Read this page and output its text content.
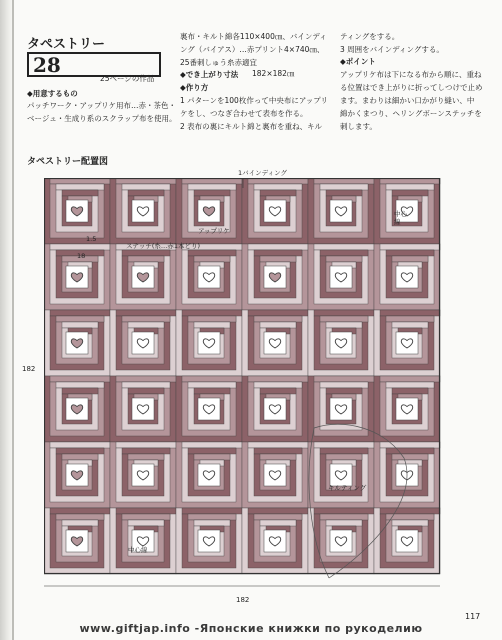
タペストリー
28
25ページの作品
◆用意するもの
パッチワーク・アップリケ用布…赤・茶色・
ベージュ・生成り系のスクラップ布を使用。
裏布・キルト綿各110×400㎝、バインディ
ング（バイアス）…赤プリント4×740㎝、
25番刺しゅう糸赤適宜
◆でき上がり寸法 182×182㎝
◆作り方
1 パターンを100枚作って中央布にアップリ
ケをし、つなぎ合わせて表布を作る。
2 表布の裏にキルト綿と裏布を重ね、キル
ティングをする。
3 周囲をバインディングする。
◆ポイント
アップリケ布は下になる布から順に、重ね
る位置はでき上がりに折ってしつけで止め
ます。まわりは細かい口かがり縫い、中
綿かくまつり、ヘリングボーンステッチを
刺します。
タペストリー配置図
1バインディング
中心線
中心線
アップリケ
ステッチ(糸…赤1本どり)
キルティング
1.5
18
182
182
117
www.giftjap.info -Японские книжки по рукоделию
